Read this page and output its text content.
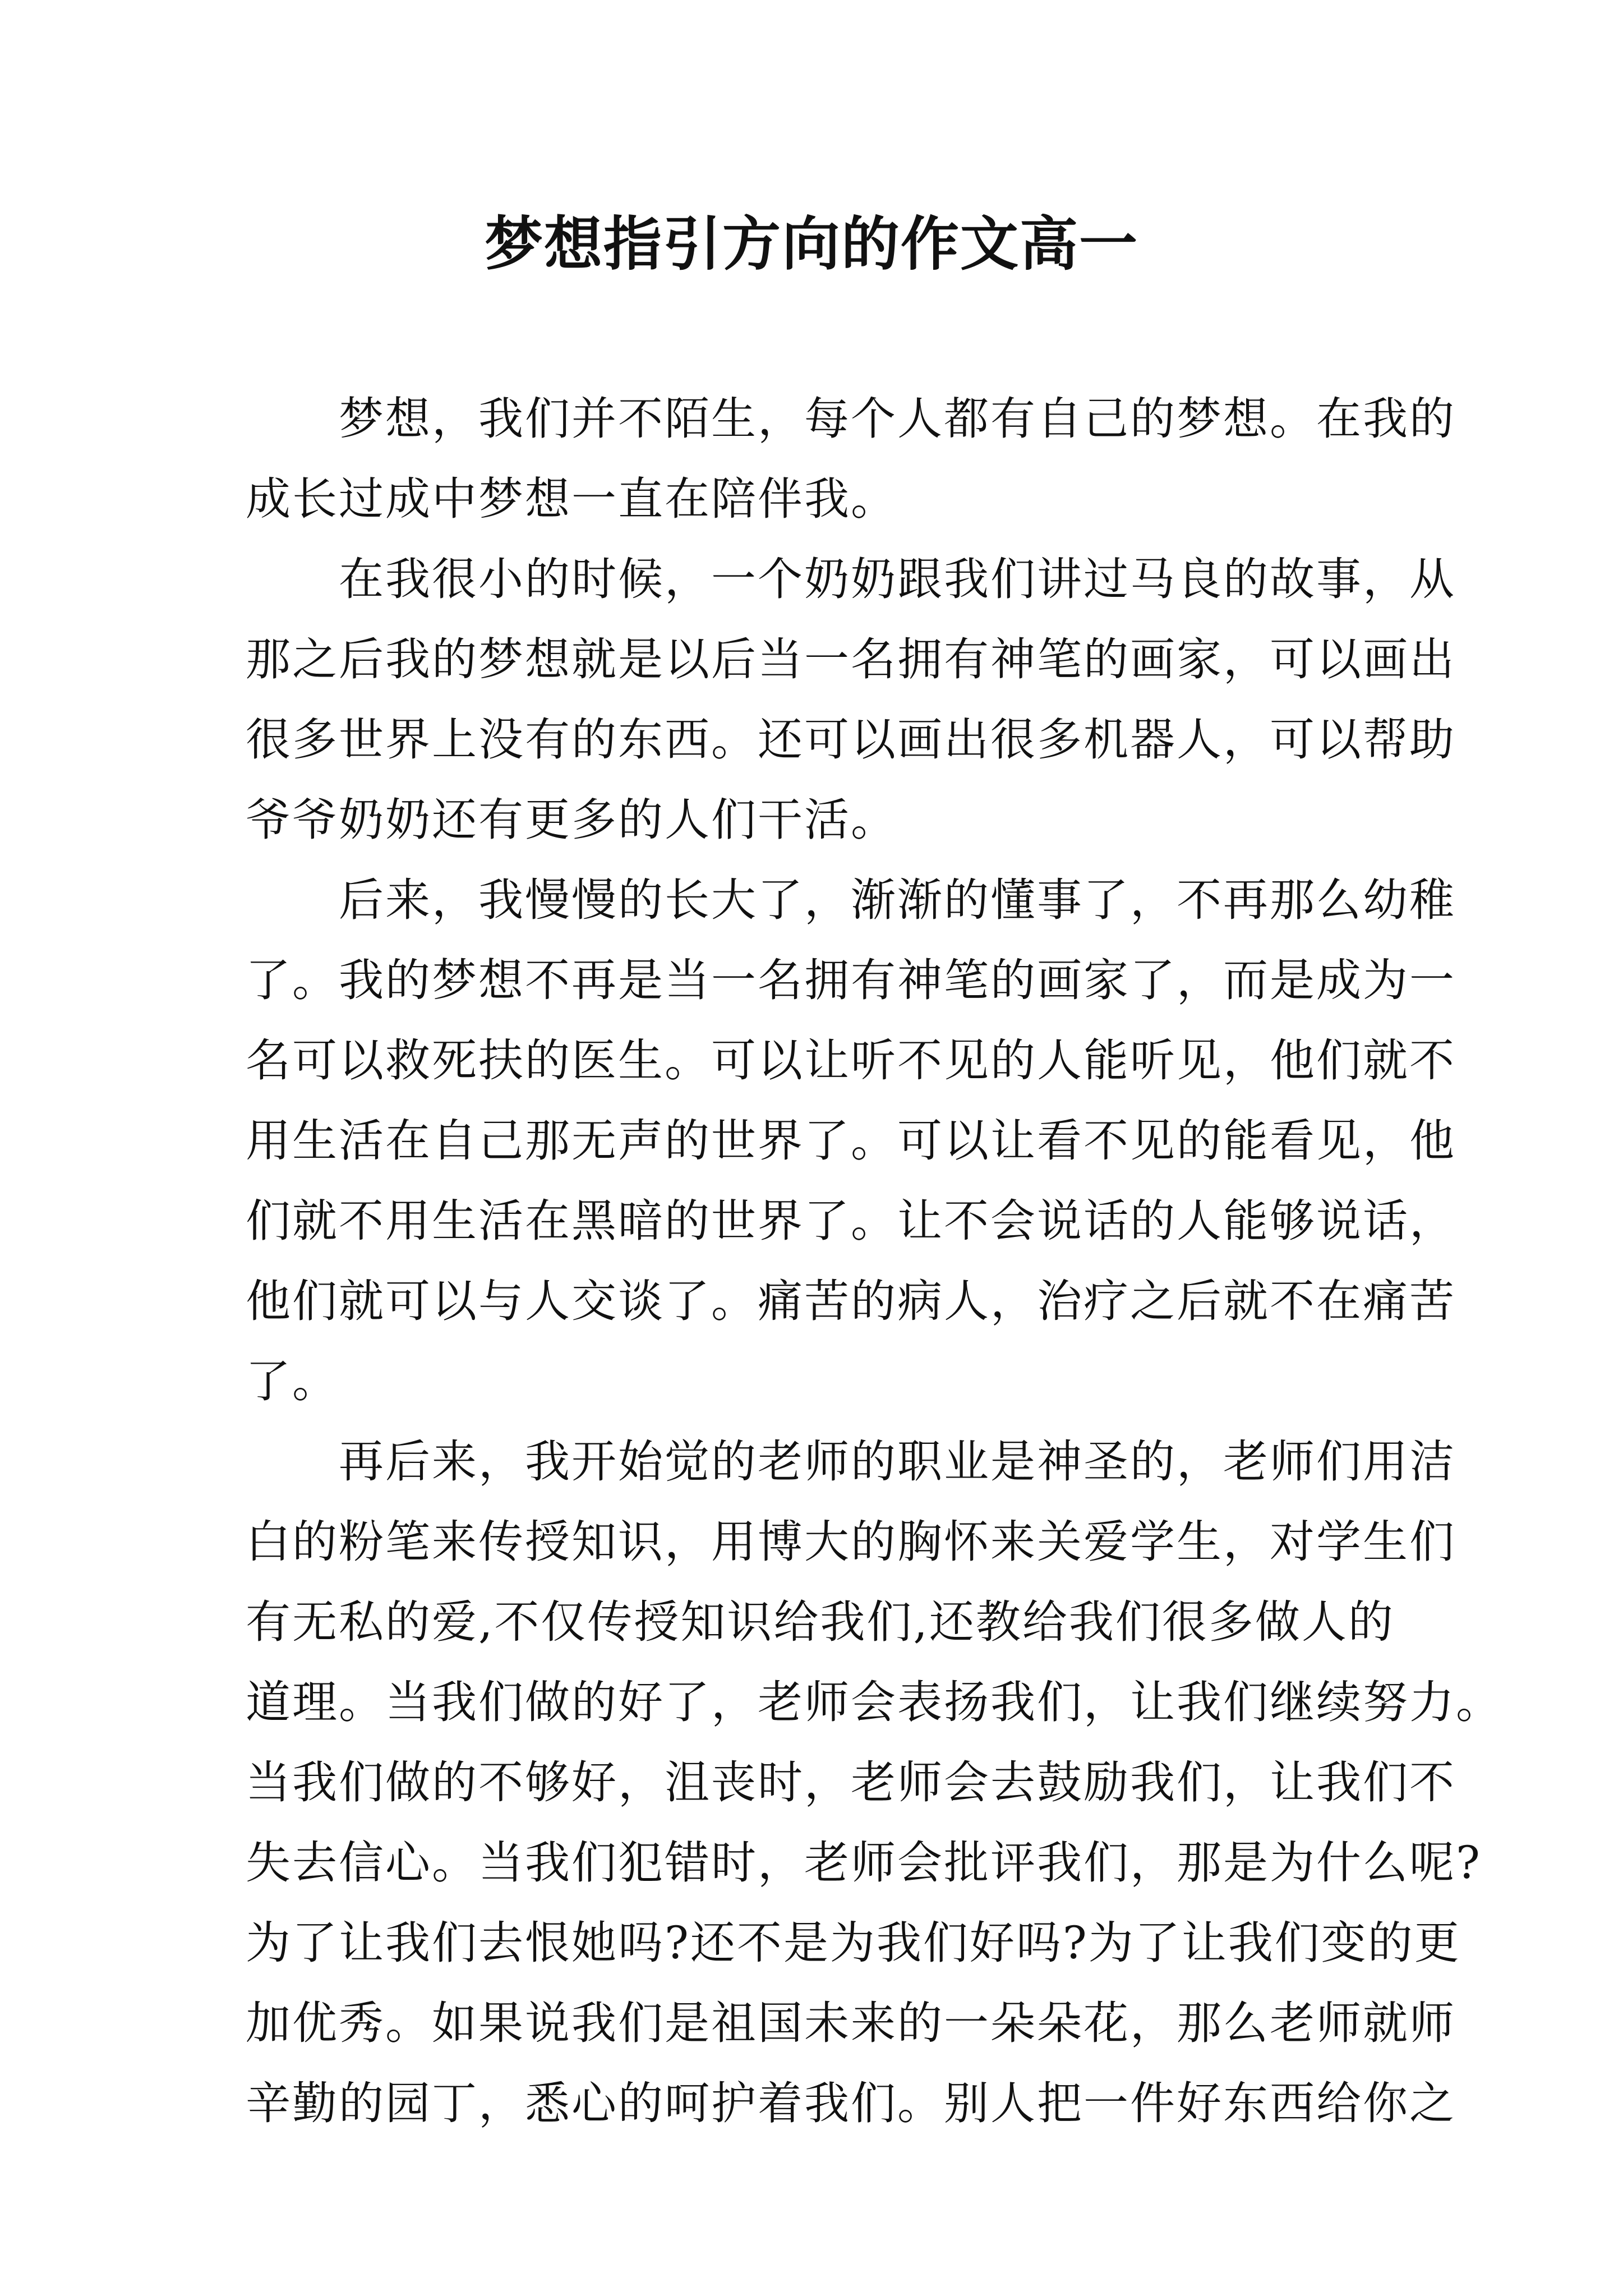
梦想指引方向的作文高一
梦想，我们并不陌生，每个人都有自己的梦想。在我的
成长过成中梦想一直在陪伴我。
在我很小的时候，一个奶奶跟我们讲过马良的故事，从
那之后我的梦想就是以后当一名拥有神笔的画家，可以画出
很多世界上没有的东西。还可以画出很多机器人，可以帮助
爷爷奶奶还有更多的人们干活。
后来，我慢慢的长大了，渐渐的懂事了，不再那么幼稚
了。我的梦想不再是当一名拥有神笔的画家了，而是成为一
名可以救死扶的医生。可以让听不见的人能听见，他们就不
用生活在自己那无声的世界了。可以让看不见的能看见，他
们就不用生活在黑暗的世界了。让不会说话的人能够说话，
他们就可以与人交谈了。痛苦的病人，治疗之后就不在痛苦
了。
再后来，我开始觉的老师的职业是神圣的，老师们用洁
白的粉笔来传授知识，用博大的胸怀来关爱学生，对学生们
有无私的爱,不仅传授知识给我们,还教给我们很多做人的
道理。当我们做的好了，老师会表扬我们，让我们继续努力。
当我们做的不够好，沮丧时，老师会去鼓励我们，让我们不
失去信心。当我们犯错时，老师会批评我们，那是为什么呢?
为了让我们去恨她吗?还不是为我们好吗?为了让我们变的更
加优秀。如果说我们是祖国未来的一朵朵花，那么老师就师
辛勤的园丁，悉心的呵护着我们。别人把一件好东西给你之
